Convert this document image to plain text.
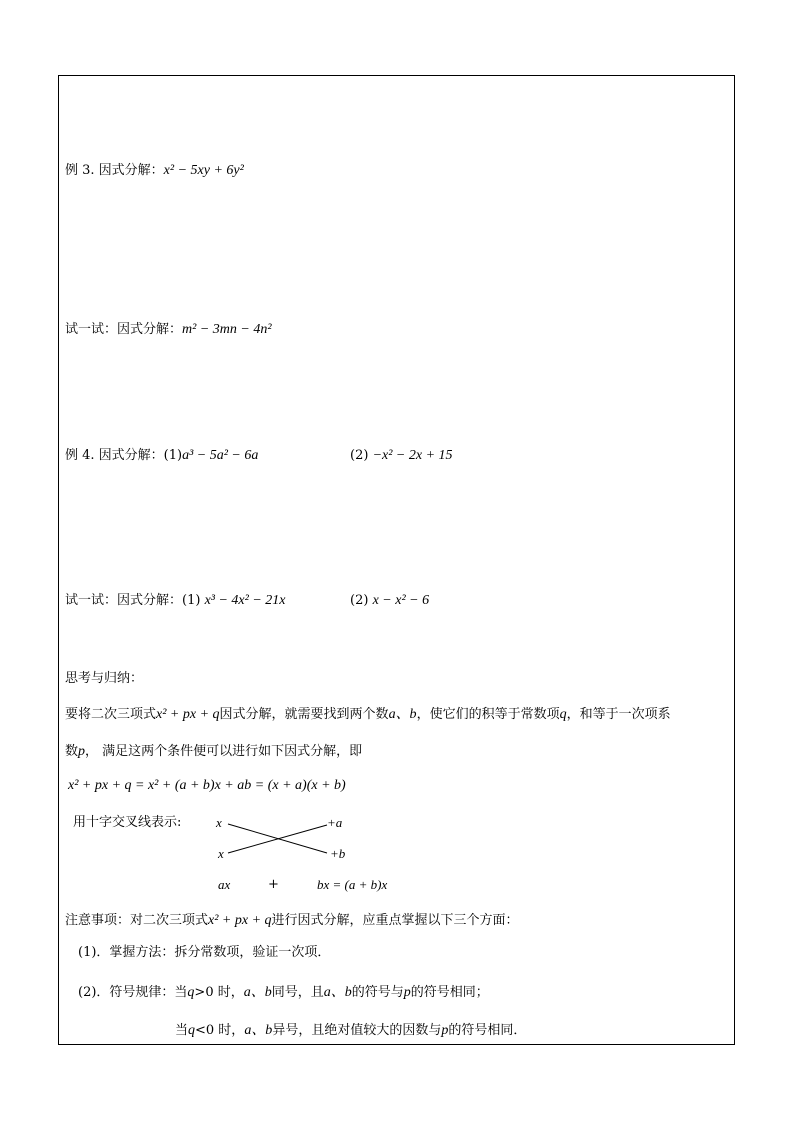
例 3. 因式分解：x² − 5xy + 6y²
试一试：因式分解：m² − 3mn − 4n²
例 4. 因式分解：(1)a³ − 5a² − 6a	(2) −x² − 2x + 15
试一试：因式分解：(1) x³ − 4x² − 21x	(2) x − x² − 6
思考与归纳：
要将二次三项式x² + px + q因式分解，就需要找到两个数a、b，使它们的积等于常数项q，和等于一次项系
数p， 满足这两个条件便可以进行如下因式分解，即
x² + px + q = x² + (a + b)x + ab = (x + a)(x + b)
用十字交叉线表示:	x	+a
x	+b
ax	+	bx = (a + b)x
注意事项：对二次三项式x² + px + q进行因式分解，应重点掌握以下三个方面：
(1)．掌握方法：拆分常数项，验证一次项．
(2)．符号规律：当q>0 时，a、b同号，且a、b的符号与p的符号相同；
当q<0 时，a、b异号，且绝对值较大的因数与p的符号相同．
